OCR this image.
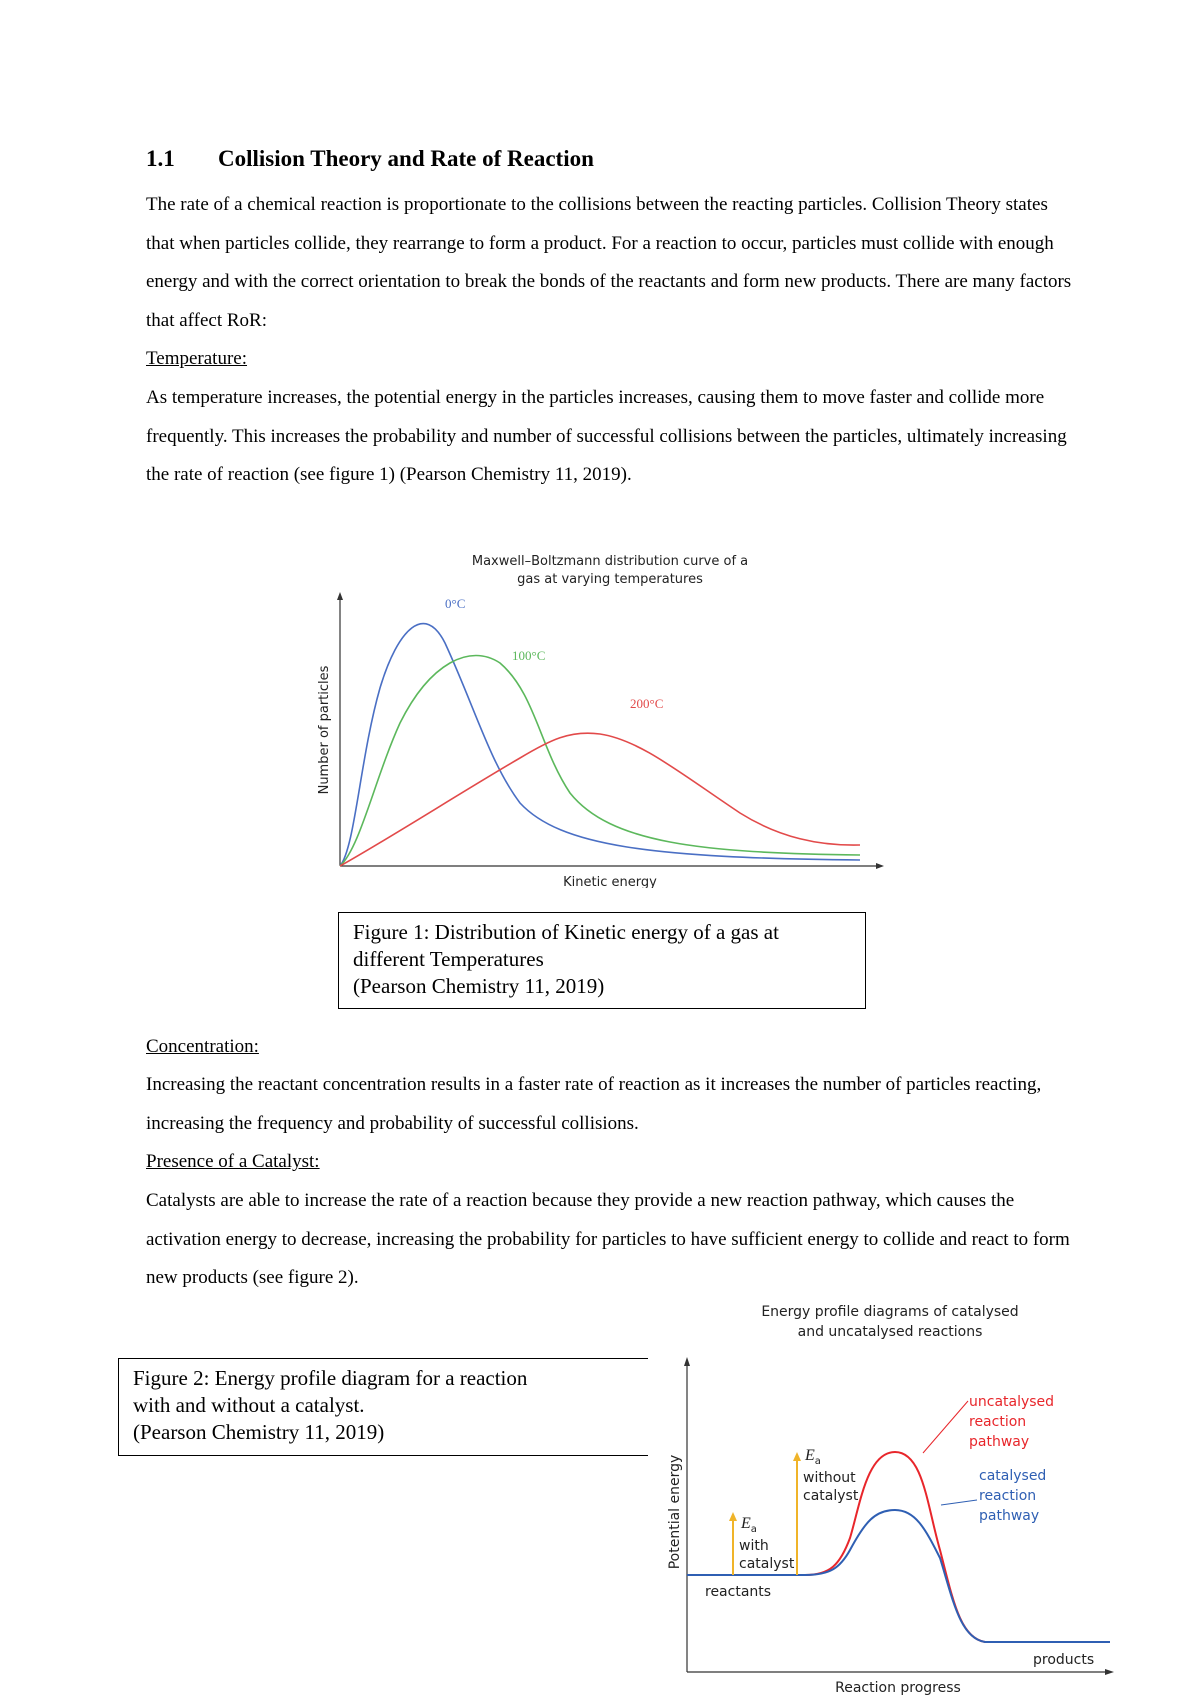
1.1 Collision Theory and Rate of Reaction

The rate of a chemical reaction is proportionate to the collisions between the reacting particles. Collision Theory states that when particles collide, they rearrange to form a product. For a reaction to occur, particles must collide with enough energy and with the correct orientation to break the bonds of the reactants and form new products. There are many factors that affect RoR:

Temperature:

As temperature increases, the potential energy in the particles increases, causing them to move faster and collide more frequently. This increases the probability and number of successful collisions between the particles, ultimately increasing the rate of reaction (see figure 1) (Pearson Chemistry 11, 2019).

Maxwell–Boltzmann distribution curve of a
gas at varying temperatures
Number of particles
Kinetic energy
0°C
100°C
200°C
Figure 1: Distribution of Kinetic energy of a gas at
different Temperatures
(Pearson Chemistry 11, 2019)

Concentration:

Increasing the reactant concentration results in a faster rate of reaction as it increases the number of particles reacting, increasing the frequency and probability of successful collisions.

Presence of a Catalyst:

Catalysts are able to increase the rate of a reaction because they provide a new reaction pathway, which causes the activation energy to decrease, increasing the probability for particles to have sufficient energy to collide and react to form new products (see figure 2).

Figure 2: Energy profile diagram for a reaction
with and without a catalyst.
(Pearson Chemistry 11, 2019)
Energy profile diagrams of catalysed
and uncatalysed reactions
Potential energy
Reaction progress
$E_a$
with
catalyst
$E_a$
without
catalyst
reactants
products
uncatalysed
reaction
pathway
catalysed
reaction
pathway
